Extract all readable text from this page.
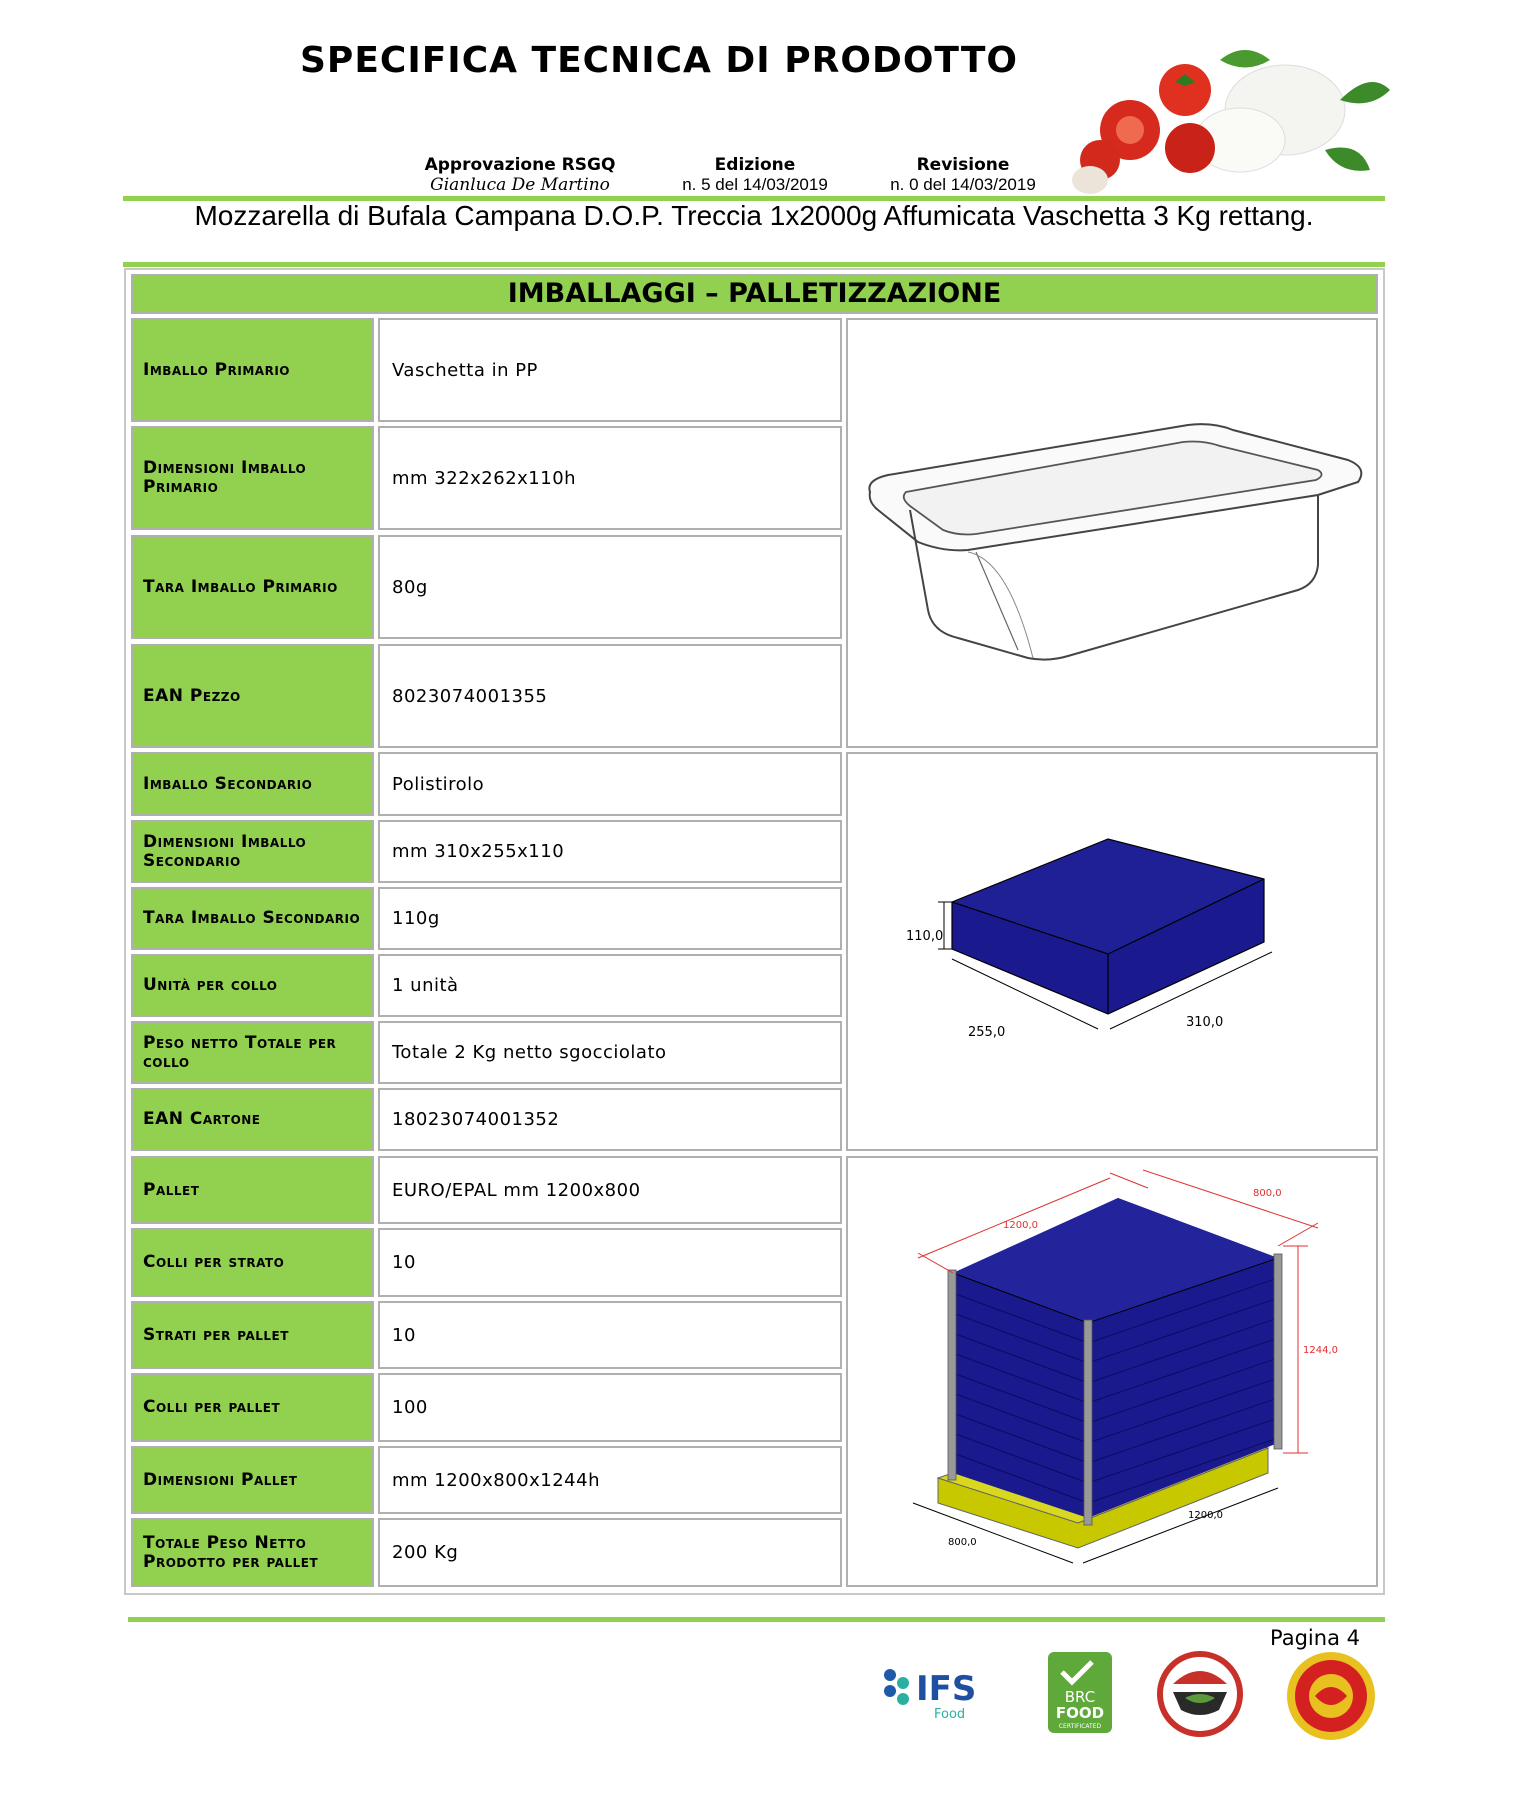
SPECIFICA TECNICA DI PRODOTTO
Approvazione RSGQ
Gianluca De Martino
Edizione
n. 5 del 14/03/2019
Revisione
n. 0 del 14/03/2019
Mozzarella di Bufala Campana D.O.P. Treccia 1x2000g Affumicata Vaschetta 3 Kg rettang.
IMBALLAGGI – PALLETIZZAZIONE
Imballo Primario	Vaschetta in PP
Dimensioni Imballo Primario	mm 322x262x110h
Tara Imballo Primario	80g
EAN Pezzo	8023074001355
Imballo Secondario	Polistirolo
Dimensioni Imballo Secondario	mm 310x255x110
Tara Imballo Secondario	110g
Unità per collo	1 unità
Peso netto Totale per collo	Totale 2 Kg netto sgocciolato
EAN Cartone	18023074001352
Pallet	EURO/EPAL mm 1200x800
Colli per strato	10
Strati per pallet	10
Colli per pallet	100
Dimensioni Pallet	mm 1200x800x1244h
Totale Peso Netto Prodotto per pallet	200 Kg
110,0
255,0
310,0
1200,0
800,0
1244,0
800,0
1200,0
Pagina 4
IFS
Food
BRC
FOOD
CERTIFICATED
